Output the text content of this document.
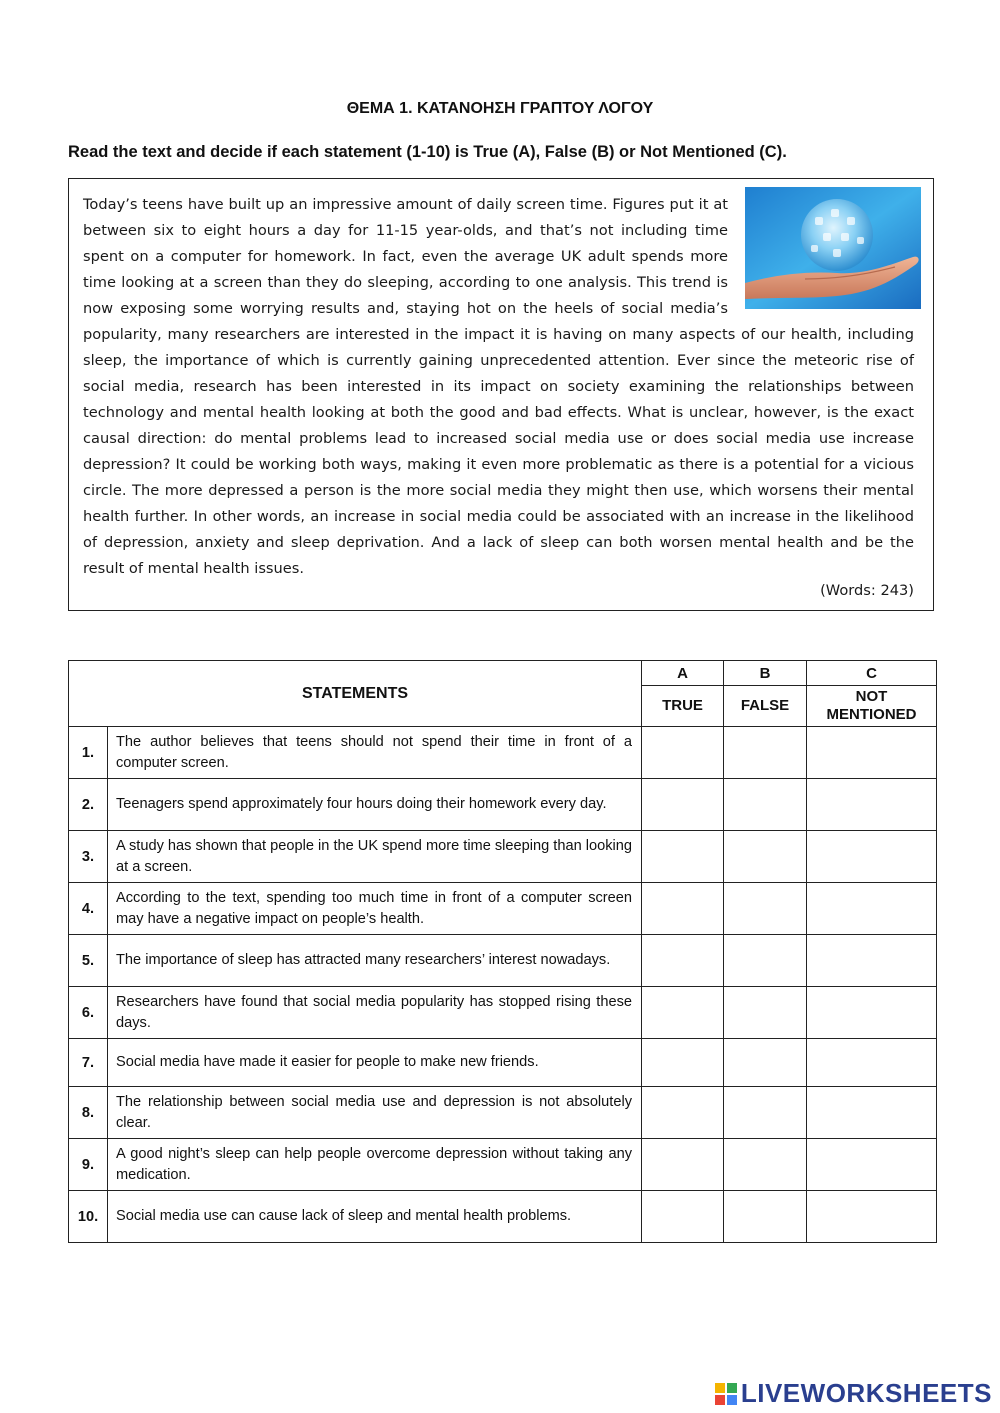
ΘΕΜΑ 1. ΚΑΤΑΝΟΗΣΗ ΓΡΑΠΤΟΥ ΛΟΓΟΥ
Read the text and decide if each statement (1-10) is True (A), False (B) or Not Mentioned (C).
Today’s teens have built up an impressive amount of daily screen time. Figures put it at between six to eight hours a day for 11-15 year-olds, and that’s not including time spent on a computer for homework. In fact, even the average UK adult spends more time looking at a screen than they do sleeping, according to one analysis. This trend is now exposing some worrying results and, staying hot on the heels of social media’s popularity, many researchers are interested in the impact it is having on many aspects of our health, including sleep, the importance of which is currently gaining unprecedented attention. Ever since the meteoric rise of social media, research has been interested in its impact on society examining the relationships between technology and mental health looking at both the good and bad effects. What is unclear, however, is the exact causal direction: do mental problems lead to increased social media use or does social media use increase depression? It could be working both ways, making it even more problematic as there is a potential for a vicious circle. The more depressed a person is the more social media they might then use, which worsens their mental health further. In other words, an increase in social media could be associated with an increase in the likelihood of depression, anxiety and sleep deprivation. And a lack of sleep can both worsen mental health and be the result of mental health issues.
(Words: 243)
STATEMENTS		A	B	C
		TRUE	FALSE	NOT MENTIONED
1.	The author believes that teens should not spend their time in front of a computer screen.			
2.	Teenagers spend approximately four hours doing their homework every day.			
3.	A study has shown that people in the UK spend more time sleeping than looking at a screen.			
4.	According to the text, spending too much time in front of a computer screen may have a negative impact on people’s health.			
5.	The importance of sleep has attracted many researchers’ interest nowadays.			
6.	Researchers have found that social media popularity has stopped rising these days.			
7.	Social media have made it easier for people to make new friends.			
8.	The relationship between social media use and depression is not absolutely clear.			
9.	A good night’s sleep can help people overcome depression without taking any medication.			
10.	Social media use can cause lack of sleep and mental health problems.			
LIVEWORKSHEETS
